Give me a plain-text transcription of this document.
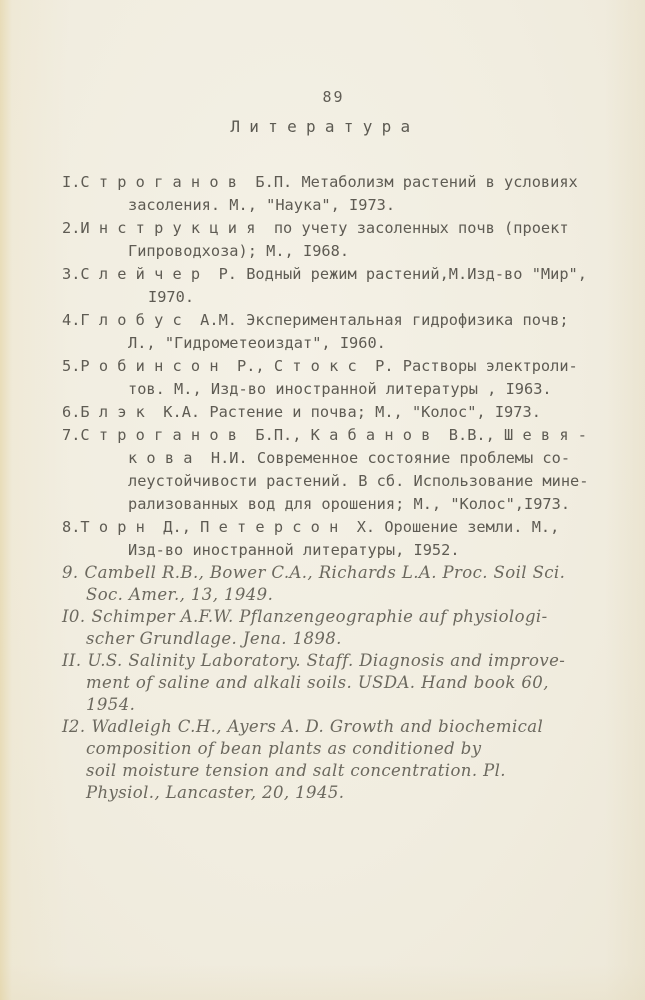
89
Литература
I.С т р о г а н о в  Б.П. Метаболизм растений в условиях
засоления. М., "Наука", I973.
2.И н с т р у к ц и я  по учету засоленных почв (проект
Гипроводхоза); М., I968.
3.С л е й ч е р  Р. Водный режим растений,М.Изд-во "Мир",
I970.
4.Г л о б у с  А.М. Экспериментальная гидрофизика почв;
Л., "Гидрометеоиздат", I960.
5.Р о б и н с о н  Р., С т о к с  Р. Растворы электроли-
тов. М., Изд-во иностранной литературы , I963.
6.Б л э к  К.А. Растение и почва; М., "Колос", I973.
7.С т р о г а н о в  Б.П., К а б а н о в  В.В., Ш е в я -
к о в а  Н.И. Современное состояние проблемы со-
леустойчивости растений. В сб. Использование мине-
рализованных вод для орошения; М., "Колос",I973.
8.Т о р н  Д., П е т е р с о н  Х. Орошение земли. М.,
Изд-во иностранной литературы, I952.
9. Cambell R.B., Bower C.A., Richards L.A. Proc. Soil Sci.
Soc. Amer., 13, 1949.
I0. Schimper A.F.W. Pflanzengeographie auf physiologi-
scher Grundlage. Jena. 1898.
II. U.S. Salinity Laboratory. Staff. Diagnosis and improve-
ment of saline and alkali soils. USDA. Hand book 60,
1954.
I2. Wadleigh C.H., Ayers A. D. Growth and biochemical
composition of bean plants as conditioned by
soil moisture tension and salt concentration. Pl.
Physiol., Lancaster, 20, 1945.
